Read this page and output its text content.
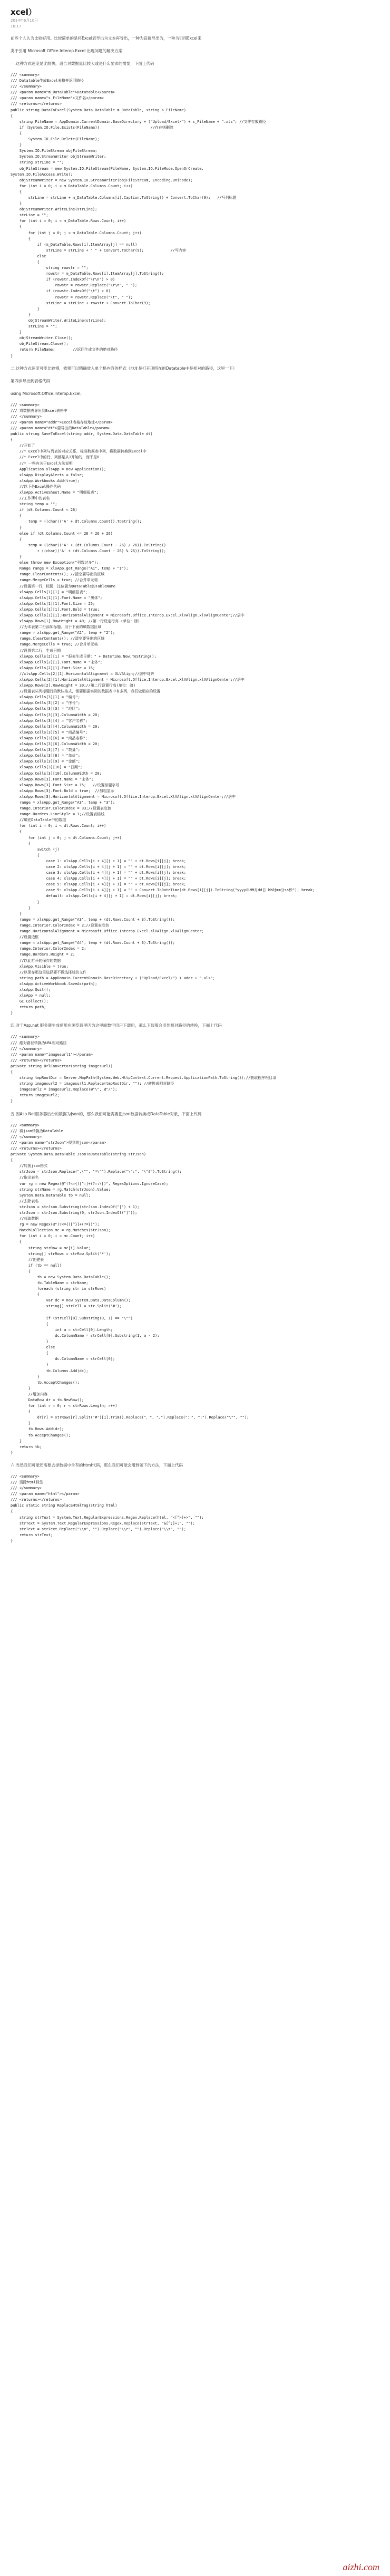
xcel）
2014年6月10日
16:17

前些个人认为比较好用。比较简单的是将Excel表导出为文本再导出，一种为直接导出为，一种为引用Excel来

类于引用 Microsoft.Office.Interop.Excel 出现问题的解决方案

一.这种方式速度是比较快，适合对数据量比较大或是什么要求的需要，下面上代码

/// <summary>
/// Datatable生成Excel表格并返回路径
/// </summary>
/// <param name="m_DataTable">Datatable</param>
/// <param name="s_FileName">文件名</param>
/// <returns></returns>
public string DataToExcel(System.Data.DataTable m_DataTable, string s_FileName)
{
string FileName = AppDomain.CurrentDomain.BaseDirectory + ("Upload/Excel/") + s_FileName + ".xls"; //文件存放路径
if (System.IO.File.Exists(FileName))                       //存在则删除
{
System.IO.File.Delete(FileName);
}
System.IO.FileStream objFileStream;
System.IO.StreamWriter objStreamWriter;
string strLine = "";
objFileStream = new System.IO.FileStream(FileName, System.IO.FileMode.OpenOrCreate,
System.IO.FileAccess.Write);
objStreamWriter = new System.IO.StreamWriter(objFileStream, Encoding.Unicode);
for (int i = 0; i < m_DataTable.Columns.Count; i++)
{
strLine = strLine + m_DataTable.Columns[i].Caption.ToString() + Convert.ToChar(9);   //写列标题
}
objStreamWriter.WriteLine(strLine);
strLine = "";
for (int i = 0; i < m_DataTable.Rows.Count; i++)
{
for (int j = 0; j < m_DataTable.Columns.Count; j++)
{
if (m_DataTable.Rows[i].ItemArray[j] == null)
strLine = strLine + " " + Convert.ToChar(9);            //写内容
else
{
string rowstr = "";
rowstr = m_DataTable.Rows[i].ItemArray[j].ToString();
if (rowstr.IndexOf("\r\n") > 0)
rowstr = rowstr.Replace("\r\n", " ");
if (rowstr.IndexOf("\t") > 0)
rowstr = rowstr.Replace("\t", " ");
strLine = strLine + rowstr + Convert.ToChar(9);
}
}
objStreamWriter.WriteLine(strLine);
strLine = "";
}
objStreamWriter.Close();
objFileStream.Close();
return FileName;        //返回生成文件的绝对路径
}

二.这种方式速度可能比较慢，效果可以精确放入单个格内容的样式（地址是打开项所在的Datatable中是相对的路径，这里一下）

第四步导出到表格代码

using Microsoft.Office.Interop.Excel;

/// <summary>
/// 将数据表导出到Excel表格中
/// </summary>
/// <param name="addr">Excel表格存放地址</param>
/// <param name="dt">要导出的DataTable</param>
public string SaveToExcel(string addr, System.Data.DataTable dt)
{
//开始了
//* Excel中列与列表的对应关系，标准数据表中列，将数据转换到Excel中
//* Excel中的行，列都是从1开始的，而不是0
//* 一些有关于Excel方法说明
Application xlsApp = new Application();
xlsApp.DisplayAlerts = false;
xlsApp.Workbooks.Add(true);
//以下是Excel操作代码
xlsApp.ActiveSheet.Name = "明细报表";
//工作簿中的表名
string temp = "";
if (dt.Columns.Count < 26)
{
temp = ((char)('A' + dt.Columns.Count)).ToString();
}
else if (dt.Columns.Count <= 26 * 26 + 26)
{
temp = ((char)('A' + (dt.Columns.Count - 26) / 26)).ToString()
+ ((char)('A' + (dt.Columns.Count - 26) % 26)).ToString();
}
else throw new Exception("列数过多");
Range range = xlsApp.get_Range("A1", temp + "1");
range.ClearContents(); //清空要导出的区域
range.MergeCells = true; //合并单元格
//设置第一行，标题，注位置为DataTable的TableName
xlsApp.Cells[1][1] = "明细报表";
xlsApp.Cells[1][1].Font.Name = "黑体";
xlsApp.Cells[1][1].Font.Size = 25;
xlsApp.Cells[1][1].Font.Bold = true;
xlsApp.Cells[1][1].HorizontalAlignment = Microsoft.Office.Interop.Excel.XlVAlign.xlVAlignCenter;//居中
xlsApp.Rows[1].RowHeight = 40; //第一行设定行高 (单位：磅)
//为本表第二行添加标题、用于下面的填数据区域
range = xlsApp.get_Range("A2", temp + "2");
range.ClearContents(); //清空要导出的区域
range.MergeCells = true; //合并单元格
//设置第二行，生成日期
xlsApp.Cells[2][1] = "报表生成日期：" + DateTime.Now.ToString();
xlsApp.Cells[2][1].Font.Name = "宋体";
xlsApp.Cells[2][1].Font.Size = 15;
//xlsApp.Cells[2][1].HorizontalAlignment = XLVAlign;//居中对齐
xlsApp.Cells[2][1].HorizontalAlignment = Microsoft.Office.Interop.Excel.XlVAlign.xlVAlignCenter;//居中
xlsApp.Rows[2].RowHeight = 30;//第二行设置行高(单位：磅)
//设置表头列标题行的默认格式，需要根据实际的数据表中有多列，我们做相应的设置
xlsApp.Cells[3][1] = "编号";
xlsApp.Cells[3][2] = "序号";
xlsApp.Cells[3][3] = "地区";
xlsApp.Cells[3][3].ColumnWidth = 20;
xlsApp.Cells[3][4] = "客户名称";
xlsApp.Cells[3][4].ColumnWidth = 20;
xlsApp.Cells[3][5] = "商品编号";
xlsApp.Cells[3][6] = "商品名称";
xlsApp.Cells[3][6].ColumnWidth = 20;
xlsApp.Cells[3][7] = "数量";
xlsApp.Cells[3][8] = "单价";
xlsApp.Cells[3][9] = "金额";
xlsApp.Cells[3][10] = "日期";
xlsApp.Cells[3][10].ColumnWidth = 20;
xlsApp.Rows[3].Font.Name = "宋体";
xlsApp.Rows[3].Font.Size = 15;   //设置标题字号
xlsApp.Rows[3].Font.Bold = true;  //加粗显示
xlsApp.Rows[3].HorizontalAlignment = Microsoft.Office.Interop.Excel.XlVAlign.xlVAlignCenter;//居中
range = xlsApp.get_Range("A3", temp + "3");
range.Interior.ColorIndex = 33;//设置表底色
range.Borders.LineStyle = 1;//设置表格线
//填充DataTable中的数据
for (int i = 0; i < dt.Rows.Count; i++)
{
for (int j = 0; j < dt.Columns.Count; j++)
{
switch (j)
{
case 1: xlsApp.Cells[i + 4][j + 1] = "" + dt.Rows[i][j]; break;
case 2: xlsApp.Cells[i + 4][j + 1] = "" + dt.Rows[i][j]; break;
case 3: xlsApp.Cells[i + 4][j + 1] = "" + dt.Rows[i][j]; break;
case 4: xlsApp.Cells[i + 4][j + 1] = "" + dt.Rows[i][j]; break;
case 5: xlsApp.Cells[i + 4][j + 1] = "" + dt.Rows[i][j]; break;
case 9: xlsApp.Cells[i + 4][j + 1] = "" + Convert.ToDateTime(dt.Rows[i][j]).ToString("yyyy年MM月dd日 hh时mm分ss秒"); break;
default: xlsApp.Cells[i + 4][j + 1] = dt.Rows[i][j]; break;
}
}
}
range = xlsApp.get_Range("A3", temp + (dt.Rows.Count + 3).ToString());
range.Interior.ColorIndex = 2;//设置表底色
range.HorizontalAlignment = Microsoft.Office.Interop.Excel.XlVAlign.xlVAlignCenter;
//设置边框
range = xlsApp.get_Range("A4", temp + (dt.Rows.Count + 3).ToString());
range.Interior.ColorIndex = 2;
range.Borders.Weight = 2;
//以此打开的保存的数据
xlsApp.Visible = true;
//以保存那这里选择要不做选择过的文件
string path = AppDomain.CurrentDomain.BaseDirectory + ("Upload/Excel/") + addr + ".xls";
xlsApp.ActiveWorkbook.SaveAs(path);
xlsApp.Quit();
xlsApp = null;
GC.Collect();
return path;
}

四.对于Asp.net 服务器生成使用在浏览器里因为这里面数字用户下载用，那么下载都会用到相对路径的转换，下面上代码

/// <summary>
/// 绝对路径转换为URL相对路径
/// </summary>
/// <param name="imagesurl1"></param>
/// <returns></returns>
private string UrlConvertor(string imagesurl1)
{
string tmpRootDir = Server.MapPath(System.Web.HttpContext.Current.Request.ApplicationPath.ToString());//获取程序根目录
string imagesurl2 = imagesurl1.Replace(tmpRootDir, ""); //转换成相对路径
imagesurl2 = imagesurl2.Replace(@"\", @"/");
return imagesurl2;
}

五.因Asp.Net服务器后台的数据为Json的，那么我们可能需要把json数据转换成DataTable对象，下面上代码

/// <summary>
/// 将json转换为DataTable
/// </summary>
/// <param name="strJson">得到的json</param>
/// <returns></returns>
private System.Data.DataTable JsonToDataTable(string strJson)
{
//转换json格式
strJson = strJson.Replace(",\"", "*\"").Replace("\":", "\"#").ToString();
//取出表名
var rg = new Regex(@"(?<={)[^:]+(?=:\[)", RegexOptions.IgnoreCase);
string strName = rg.Match(strJson).Value;
System.Data.DataTable tb = null;
//去除表名
strJson = strJson.Substring(strJson.IndexOf("[") + 1);
strJson = strJson.Substring(0, strJson.IndexOf("]"));
//获取数据
rg = new Regex(@"(?<={)[^}]+(?=})");
MatchCollection mc = rg.Matches(strJson);
for (int i = 0; i < mc.Count; i++)
{
string strRow = mc[i].Value;
string[] strRows = strRow.Split('*');
//创建表
if (tb == null)
{
tb = new System.Data.DataTable();
tb.TableName = strName;
foreach (string str in strRows)
{
var dc = new System.Data.DataColumn();
string[] strCell = str.Split('#');

if (strCell[0].Substring(0, 1) == "\"")
{
int a = strCell[0].Length;
dc.ColumnName = strCell[0].Substring(1, a - 2);
}
else
{
dc.ColumnName = strCell[0];
}
tb.Columns.Add(dc);
}
tb.AcceptChanges();
}
//增加内容
DataRow dr = tb.NewRow();
for (int r = 0; r < strRows.Length; r++)
{
dr[r] = strRows[r].Split('#')[1].Trim().Replace("，", ",").Replace("：", ":").Replace("\"", "");
}
tb.Rows.Add(dr);
tb.AcceptChanges();
}
return tb;
}

六.当然我们可能还需要去掉数据中含有的html代码，那么我们可能会用到如下的方法，下面上代码

/// <summary>
/// 清除html标签
/// </summary>
/// <param name="html"></param>
/// <returns></returns>
public static string ReplaceHtmlTag(string html)
{
string strText = System.Text.RegularExpressions.Regex.Replace(html, "<[^>]+>", "");
strText = System.Text.RegularExpressions.Regex.Replace(strText, "&[^;]+;", "");
strText = strText.Replace("\\n", "").Replace("\\r", "").Replace("\\t", "");
return strText;
}
aizhi.com
